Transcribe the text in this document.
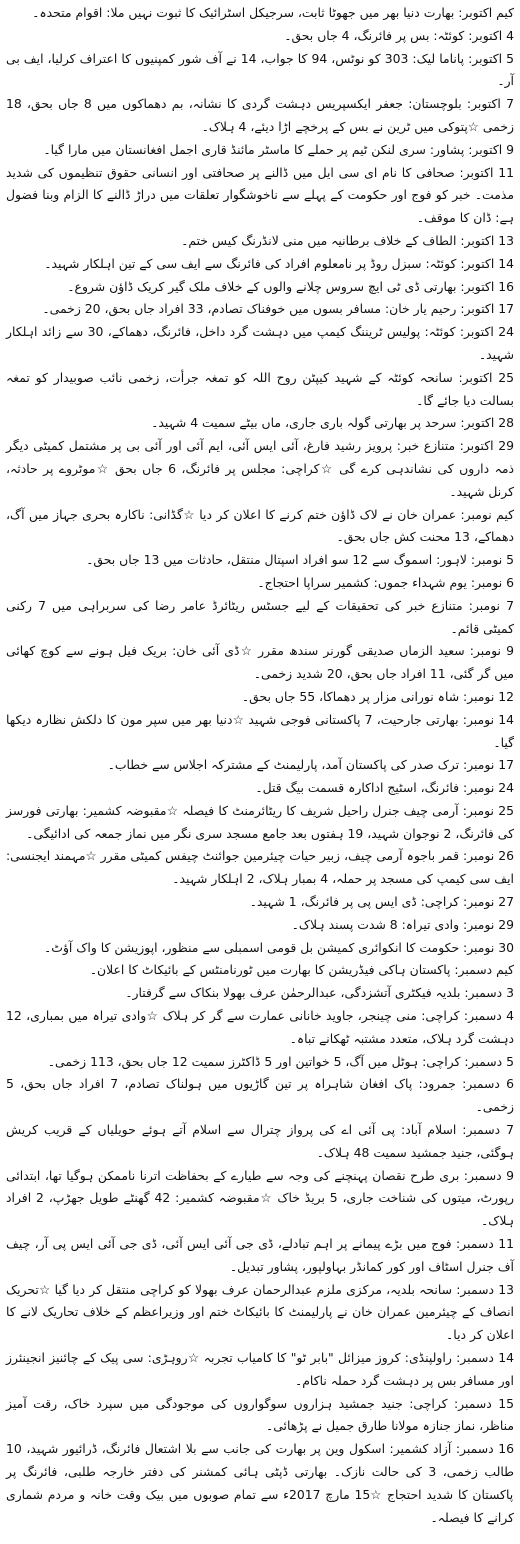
کیم اکتوبر: بھارت دنیا بھر میں جھوٹا ثابت، سرجیکل اسٹرائیک کا ثبوت نہیں ملا: اقوام متحدہ۔

4 اکتوبر: کوئٹہ: بس پر فائرنگ، 4 جاں بحق۔

5 اکتوبر: پاناما لیک: 303 کو نوٹس، 94 کا جواب، 14 نے آف شور کمپنیوں کا اعتراف کرلیا، ایف بی آر۔

7 اکتوبر: بلوچستان: جعفر ایکسپریس دہشت گردی کا نشانہ، بم دھماکوں میں 8 جاں بحق، 18 زخمی ☆پتوکی میں ٹرین نے بس کے پرخچے اڑا دیئے، 4 ہلاک۔

9 اکتوبر: پشاور: سری لنکن ٹیم پر حملے کا ماسٹر مائنڈ قاری اجمل افغانستان میں مارا گیا۔

11 اکتوبر: صحافی کا نام ای سی ایل میں ڈالنے پر صحافتی اور انسانی حقوق تنظیموں کی شدید مذمت۔ خبر کو فوج اور حکومت کے پہلے سے ناخوشگوار تعلقات میں دراڑ ڈالنے کا الزام وبنا فضول ہے: ڈان کا موقف۔

13 اکتوبر: الطاف کے خلاف برطانیہ میں منی لانڈرنگ کیس ختم۔

14 اکتوبر: کوئٹہ: سبزل روڈ پر نامعلوم افراد کی فائرنگ سے ایف سی کے تین اہلکار شہید۔

16 اکتوبر: بھارتی ڈی ٹی ایچ سروس چلانے والوں کے خلاف ملک گیر کریک ڈاؤن شروع۔

17 اکتوبر: رحیم یار خان: مسافر بسوں میں خوفناک تصادم، 33 افراد جاں بحق، 20 زخمی۔

24 اکتوبر: کوئٹہ: پولیس ٹریننگ کیمپ میں دہشت گرد داخل، فائرنگ، دھماکے، 30 سے زائد اہلکار شہید۔

25 اکتوبر: سانحہ کوئٹہ کے شہید کیپٹن روح اللہ کو تمغہ جرأت، زخمی نائب صوبیدار کو تمغہ بسالت دیا جائے گا۔

28 اکتوبر: سرحد پر بھارتی گولہ باری جاری، ماں بیٹے سمیت 4 شہید۔

29 اکتوبر: متنازع خبر: پرویز رشید فارغ، آئی ایس آئی، ایم آئی اور آئی بی پر مشتمل کمیٹی دیگر ذمہ داروں کی نشاندہی کرے گی ☆کراچی: مجلس پر فائرنگ، 6 جاں بحق ☆موٹروے پر حادثہ، کرنل شہید۔

کیم نومبر: عمران خان نے لاک ڈاؤن ختم کرنے کا اعلان کر دیا ☆گڈانی: ناکارہ بحری جہاز میں آگ، دھماکے، 13 محنت کش جاں بحق۔

5 نومبر: لاہور: اسموگ سے 12 سو افراد اسپتال منتقل، حادثات میں 13 جاں بحق۔

6 نومبر: یوم شہداء جموں: کشمیر سراپا احتجاج۔

7 نومبر: متنازع خبر کی تحقیقات کے لیے جسٹس ریٹائرڈ عامر رضا کی سربراہی میں 7 رکنی کمیٹی قائم۔

9 نومبر: سعید الزماں صدیقی گورنر سندھ مقرر ☆ڈی آئی خان: بریک فیل ہونے سے کوچ کھائی میں گر گئی، 11 افراد جاں بحق، 20 شدید زخمی۔

12 نومبر: شاہ نورانی مزار پر دھماکا، 55 جاں بحق۔

14 نومبر: بھارتی جارحیت، 7 پاکستانی فوجی شہید ☆دنیا بھر میں سپر مون کا دلکش نظارہ دیکھا گیا۔

17 نومبر: ترک صدر کی پاکستان آمد، پارلیمنٹ کے مشترکہ اجلاس سے خطاب۔

24 نومبر: فائرنگ، اسٹیج اداکارہ قسمت بیگ قتل۔

25 نومبر: آرمی چیف جنرل راحیل شریف کا ریٹائرمنٹ کا فیصلہ ☆مقبوضہ کشمیر: بھارتی فورسز کی فائرنگ، 2 نوجوان شہید، 19 ہفتوں بعد جامع مسجد سری نگر میں نماز جمعہ کی ادائیگی۔

26 نومبر: قمر باجوہ آرمی چیف، زبیر حیات چیئرمین جوائنٹ چیفس کمیٹی مقرر ☆مہمند ایجنسی: ایف سی کیمپ کی مسجد پر حملہ، 4 بمبار ہلاک، 2 اہلکار شہید۔

27 نومبر: کراچی: ڈی ایس پی پر فائرنگ، 1 شہید۔

29 نومبر: وادی تیراہ: 8 شدت پسند ہلاک۔

30 نومبر: حکومت کا انکوائری کمیشن بل قومی اسمبلی سے منظور، اپوزیشن کا واک آؤٹ۔

کیم دسمبر: پاکستان ہاکی فیڈریشن کا بھارت میں ٹورنامنٹس کے بائیکاٹ کا اعلان۔

3 دسمبر: بلدیہ فیکٹری آتشزدگی، عبدالرحمٰن عرف بھولا بنکاک سے گرفتار۔

4 دسمبر: کراچی: منی چینجر، جاوید خانانی عمارت سے گر کر ہلاک ☆وادی تیراہ میں بمباری، 12 دہشت گرد ہلاک، متعدد مشتبہ ٹھکانے تباہ۔

5 دسمبر: کراچی: ہوٹل میں آگ، 5 خواتین اور 5 ڈاکٹرز سمیت 12 جاں بحق، 113 زخمی۔

6 دسمبر: جمرود: پاک افغان شاہراہ پر تین گاڑیوں میں ہولناک تصادم، 7 افراد جاں بحق، 5 زخمی۔

7 دسمبر: اسلام آباد: پی آئی اے کی پرواز چترال سے اسلام آتے ہوئے حویلیاں کے قریب کریش ہوگئی، جنید جمشید سمیت 48 ہلاک۔

9 دسمبر: بری طرح نقصان پہنچنے کی وجہ سے طیارے کے بحفاظت اترنا ناممکن ہوگیا تھا، ابتدائی رپورٹ، میتوں کی شناخت جاری، 5 بریڈ خاک ☆مقبوضہ کشمیر: 42 گھنٹے طویل جھڑپ، 2 افراد ہلاک۔

11 دسمبر: فوج میں بڑے پیمانے پر اہم تبادلے، ڈی جی آئی ایس آئی، ڈی جی آئی ایس پی آر، چیف آف جنرل اسٹاف اور کور کمانڈر بہاولپور، پشاور تبدیل۔

13 دسمبر: سانحہ بلدیہ، مرکزی ملزم عبدالرحمان عرف بھولا کو کراچی منتقل کر دیا گیا ☆تحریک انصاف کے چیئرمین عمران خان نے پارلیمنٹ کا بائیکاٹ ختم اور وزیراعظم کے خلاف تحاریک لانے کا اعلان کر دیا۔

14 دسمبر: راولپنڈی: کروز میزائل "بابر ٹو" کا کامیاب تجربہ ☆روہڑی: سی پیک کے چائنیز انجینئرز اور مسافر بس پر دہشت گرد حملہ ناکام۔

15 دسمبر: کراچی: جنید جمشید ہزاروں سوگواروں کی موجودگی میں سپرد خاک، رقت آمیز مناظر، نماز جنازہ مولانا طارق جمیل نے پڑھائی۔

16 دسمبر: آزاد کشمیر: اسکول وین پر بھارت کی جانب سے بلا اشتعال فائرنگ، ڈرائیور شہید، 10 طالب زخمی، 3 کی حالت نازک۔ بھارتی ڈپٹی ہائی کمشنر کی دفتر خارجہ طلبی، فائرنگ پر پاکستان کا شدید احتجاج ☆15 مارچ 2017ء سے تمام صوبوں میں بیک وقت خانہ و مردم شماری کرانے کا فیصلہ۔
